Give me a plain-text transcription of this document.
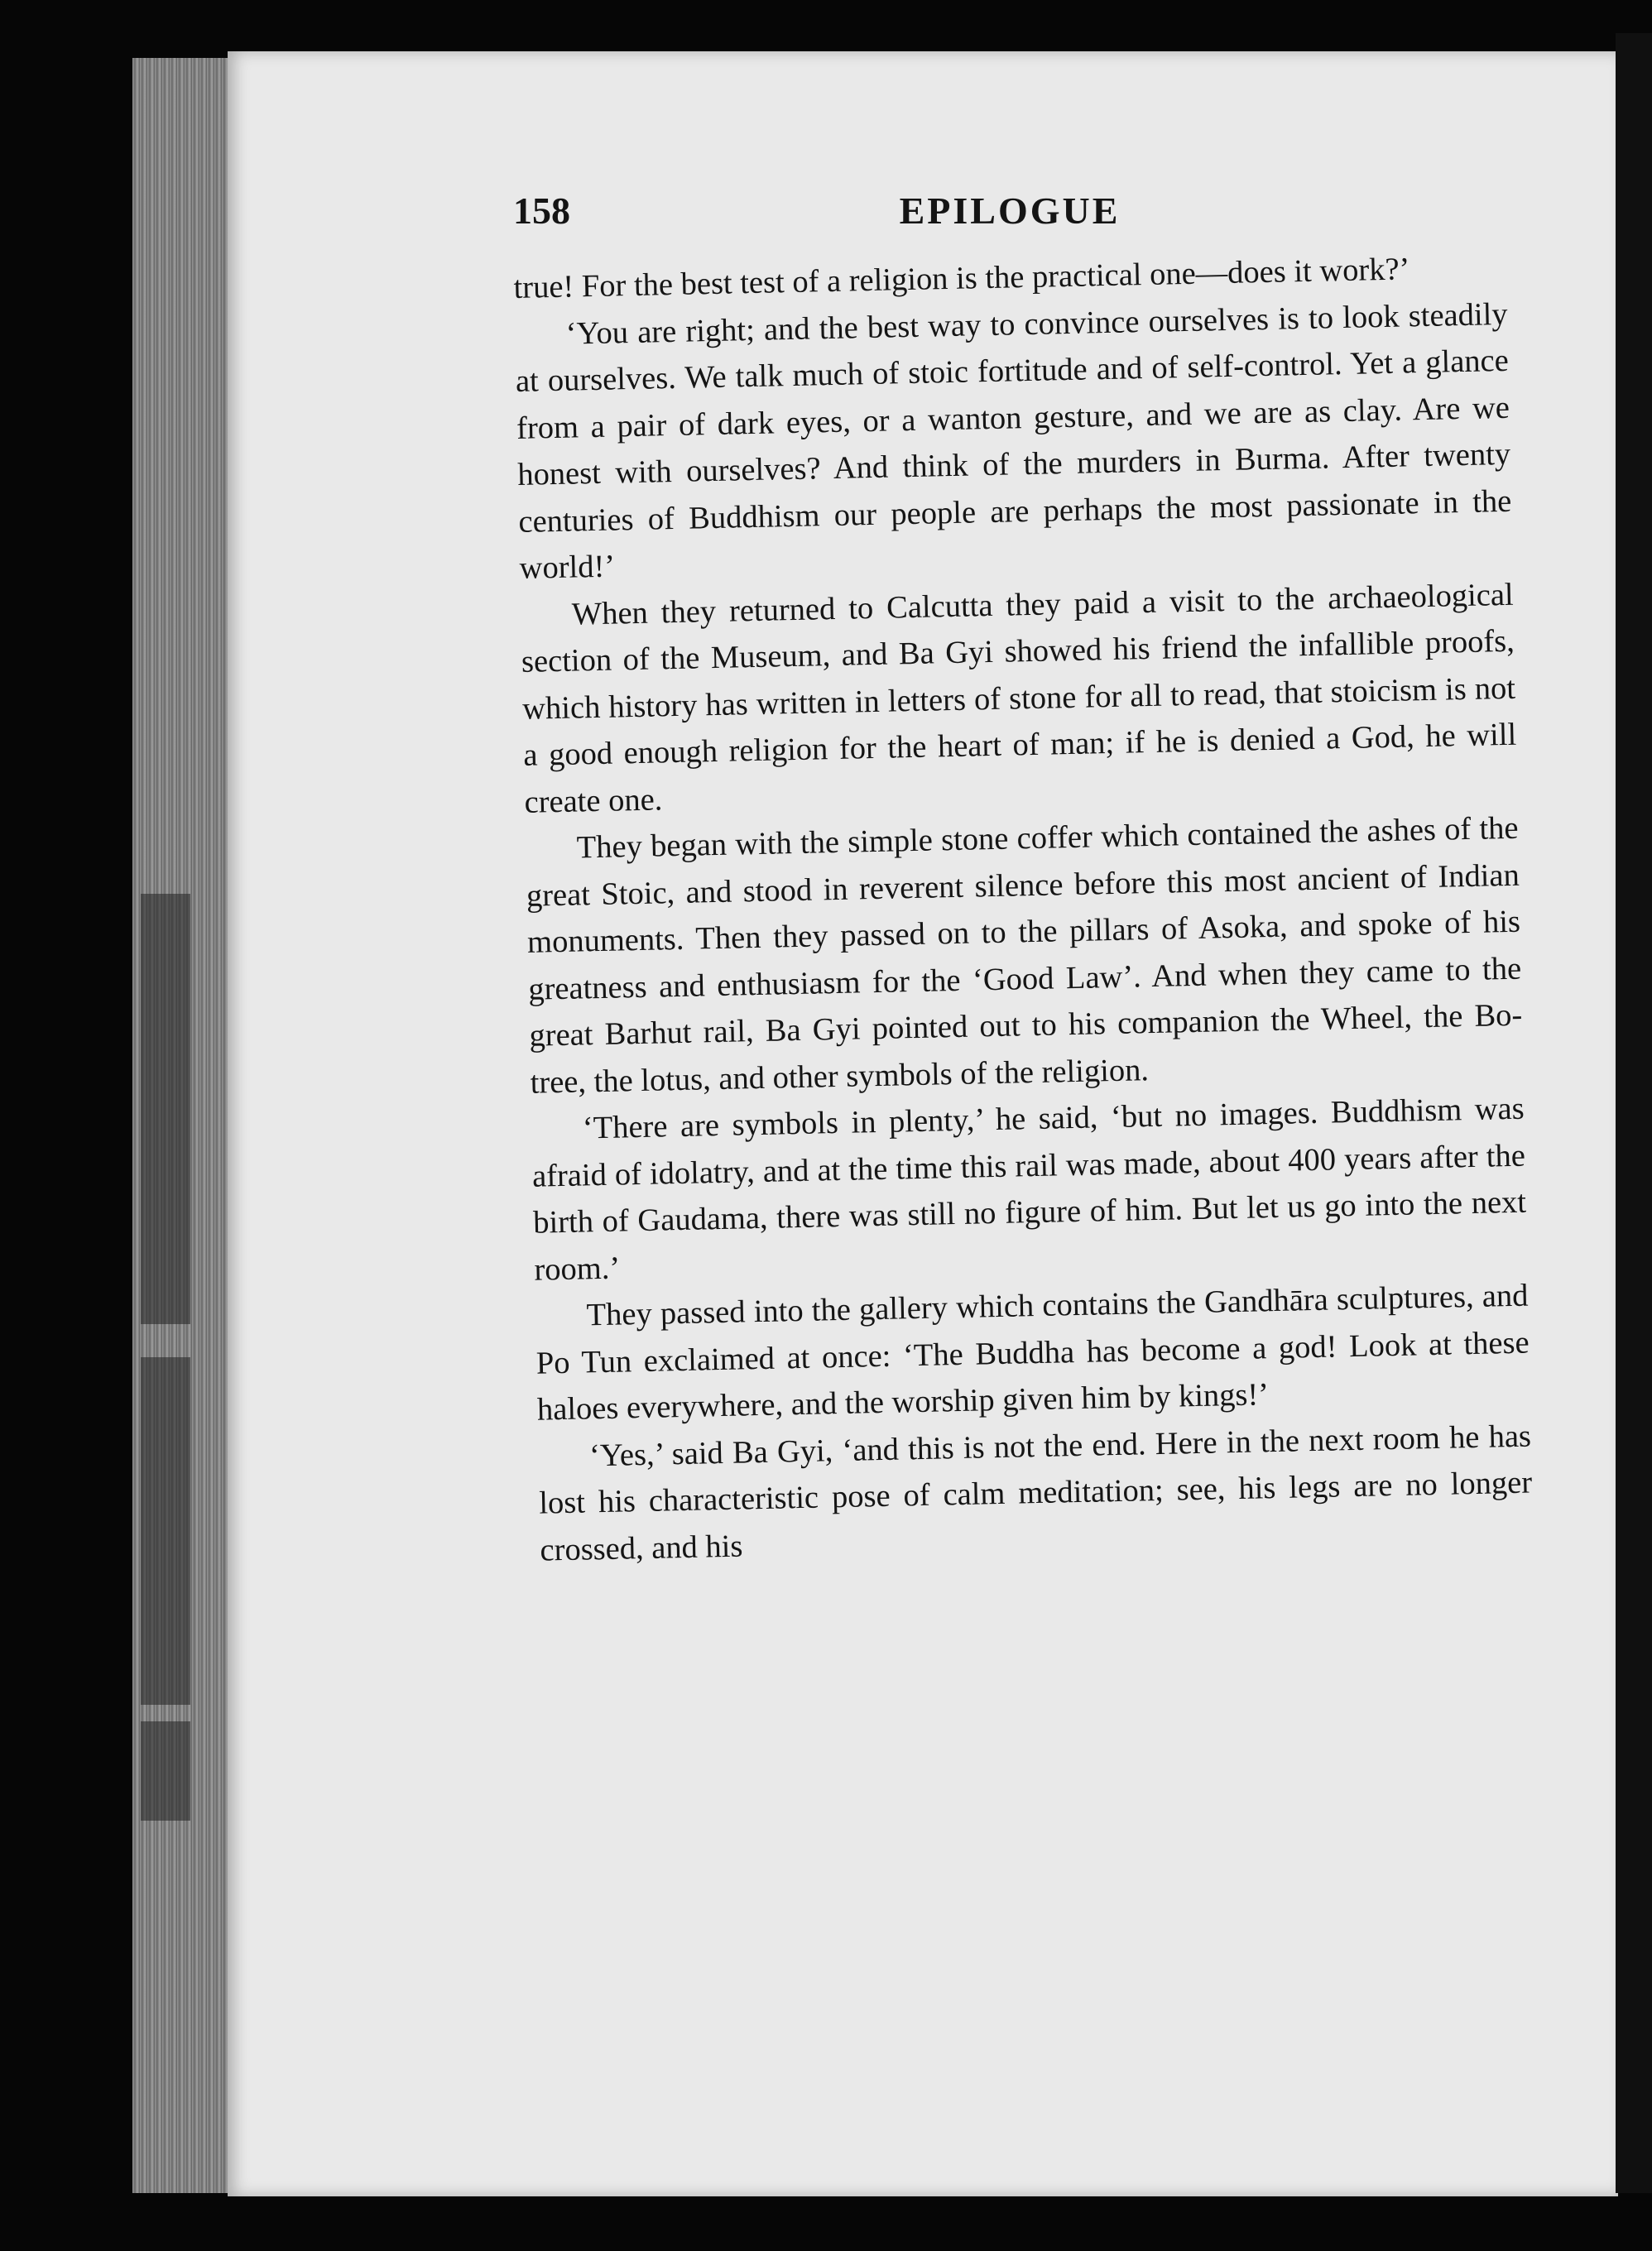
158	EPILOGUE

true! For the best test of a religion is the practical one—does it work?’

‘You are right; and the best way to convince ourselves is to look steadily at ourselves. We talk much of stoic fortitude and of self-control. Yet a glance from a pair of dark eyes, or a wanton gesture, and we are as clay. Are we honest with ourselves? And think of the murders in Burma. After twenty centuries of Buddhism our people are perhaps the most passionate in the world!’

When they returned to Calcutta they paid a visit to the archaeological section of the Museum, and Ba Gyi showed his friend the infallible proofs, which history has written in letters of stone for all to read, that stoicism is not a good enough religion for the heart of man; if he is denied a God, he will create one.

They began with the simple stone coffer which contained the ashes of the great Stoic, and stood in reverent silence before this most ancient of Indian monuments. Then they passed on to the pillars of Asoka, and spoke of his greatness and enthusiasm for the ‘Good Law’. And when they came to the great Barhut rail, Ba Gyi pointed out to his companion the Wheel, the Bo-tree, the lotus, and other symbols of the religion.

‘There are symbols in plenty,’ he said, ‘but no images. Buddhism was afraid of idolatry, and at the time this rail was made, about 400 years after the birth of Gaudama, there was still no figure of him. But let us go into the next room.’

They passed into the gallery which contains the Gandhāra sculptures, and Po Tun exclaimed at once: ‘The Buddha has become a god! Look at these haloes everywhere, and the worship given him by kings!’

‘Yes,’ said Ba Gyi, ‘and this is not the end. Here in the next room he has lost his characteristic pose of calm meditation; see, his legs are no longer crossed, and his
